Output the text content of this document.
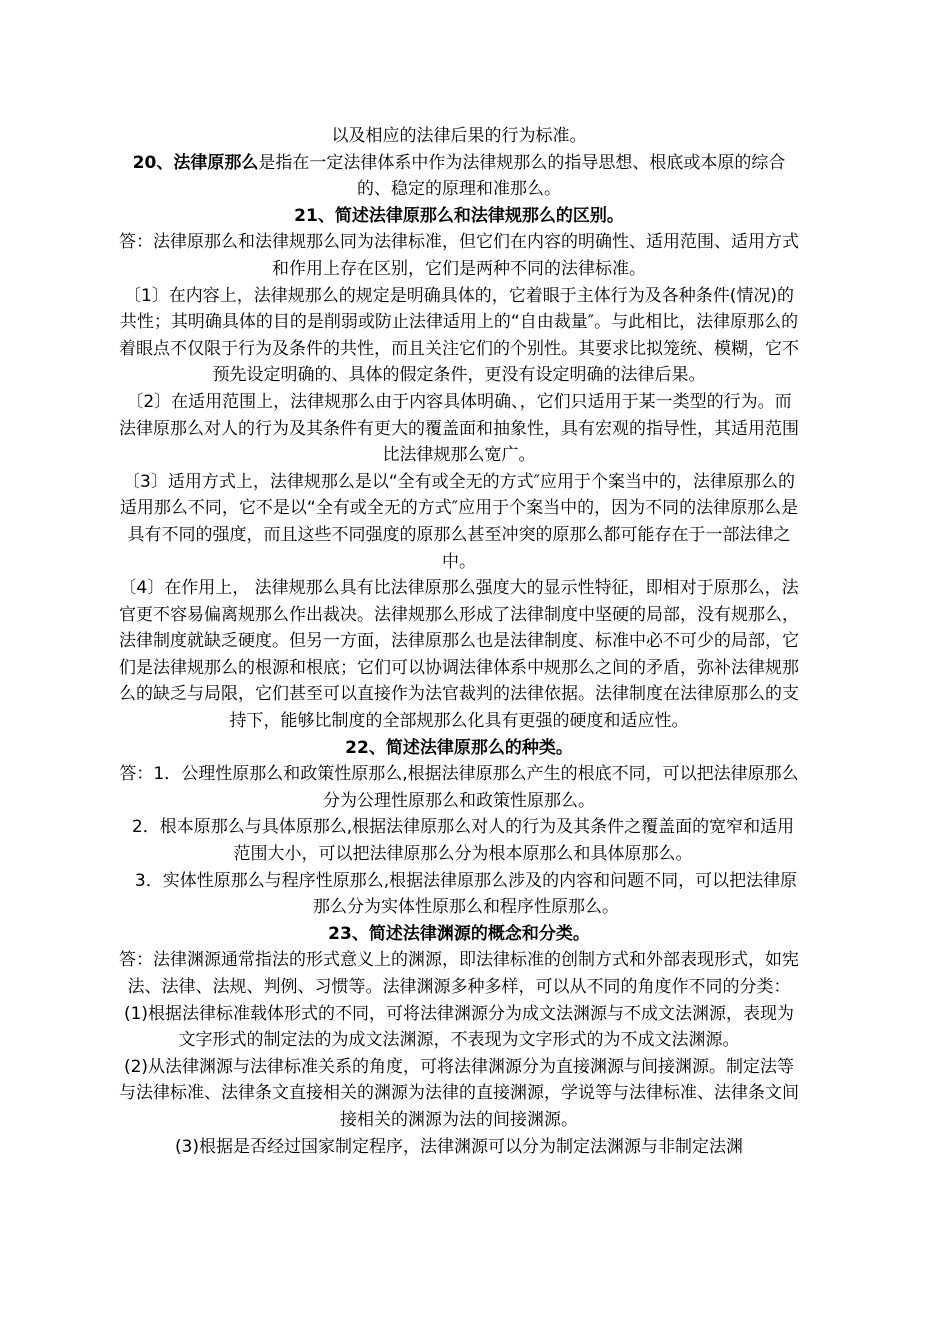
以及相应的法律后果的行为标准。

20、法律原那么是指在一定法律体系中作为法律规那么的指导思想、根底或本原的综合的、稳定的原理和准那么。

21、简述法律原那么和法律规那么的区别。

答：法律原那么和法律规那么同为法律标准，但它们在内容的明确性、适用范围、适用方式和作用上存在区别，它们是两种不同的法律标准。

〔1〕在内容上，法律规那么的规定是明确具体的，它着眼于主体行为及各种条件(情况)的共性；其明确具体的目的是削弱或防止法律适用上的“自由裁量″。与此相比，法律原那么的着眼点不仅限于行为及条件的共性，而且关注它们的个别性。其要求比拟笼统、模糊，它不预先设定明确的、具体的假定条件，更没有设定明确的法律后果。

〔2〕在适用范围上，法律规那么由于内容具体明确、，它们只适用于某一类型的行为。而法律原那么对人的行为及其条件有更大的覆盖面和抽象性，具有宏观的指导性，其适用范围比法律规那么宽广。

〔3〕适用方式上，法律规那么是以“全有或全无的方式″应用于个案当中的，法律原那么的适用那么不同，它不是以“全有或全无的方式″应用于个案当中的，因为不同的法律原那么是具有不同的强度，而且这些不同强度的原那么甚至冲突的原那么都可能存在于一部法律之中。

〔4〕在作用上， 法律规那么具有比法律原那么强度大的显示性特征，即相对于原那么，法官更不容易偏离规那么作出裁决。法律规那么形成了法律制度中坚硬的局部，没有规那么，法律制度就缺乏硬度。但另一方面，法律原那么也是法律制度、标准中必不可少的局部，它们是法律规那么的根源和根底；它们可以协调法律体系中规那么之间的矛盾，弥补法律规那么的缺乏与局限，它们甚至可以直接作为法官裁判的法律依据。法律制度在法律原那么的支持下，能够比制度的全部规那么化具有更强的硬度和适应性。

22、简述法律原那么的种类。

答：1．公理性原那么和政策性原那么,根据法律原那么产生的根底不同，可以把法律原那么分为公理性原那么和政策性原那么。

2．根本原那么与具体原那么,根据法律原那么对人的行为及其条件之覆盖面的宽窄和适用范围大小，可以把法律原那么分为根本原那么和具体原那么。

3．实体性原那么与程序性原那么,根据法律原那么涉及的内容和问题不同，可以把法律原那么分为实体性原那么和程序性原那么。

23、简述法律渊源的概念和分类。

答：法律渊源通常指法的形式意义上的渊源，即法律标准的创制方式和外部表现形式，如宪法、法律、法规、判例、习惯等。法律渊源多种多样，可以从不同的角度作不同的分类：

(1)根据法律标准载体形式的不同，可将法律渊源分为成文法渊源与不成文法渊源，表现为文字形式的制定法的为成文法渊源，不表现为文字形式的为不成文法渊源。

(2)从法律渊源与法律标准关系的角度，可将法律渊源分为直接渊源与间接渊源。制定法等与法律标准、法律条文直接相关的渊源为法律的直接渊源，学说等与法律标准、法律条文间接相关的渊源为法的间接渊源。

(3)根据是否经过国家制定程序，法律渊源可以分为制定法渊源与非制定法渊
